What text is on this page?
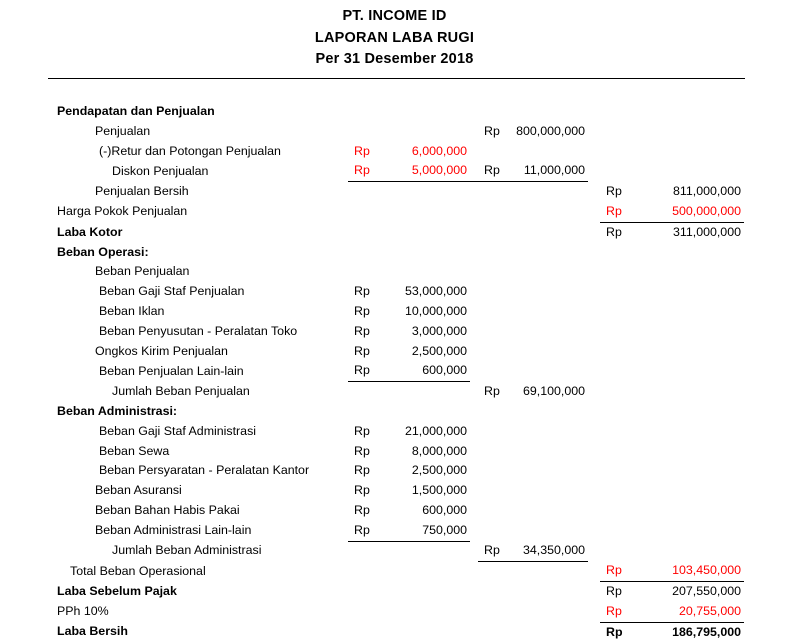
PT. INCOME ID
LAPORAN LABA RUGI
Per 31 Desember 2018

Pendapatan dan Penjualan									
Penjualan				Rp	800,000,000				
(-)Retur dan Potongan Penjualan	Rp	6,000,000							
Diskon Penjualan	Rp	5,000,000		Rp	11,000,000				
Penjualan Bersih							Rp	811,000,000	
Harga Pokok Penjualan							Rp	500,000,000	
Laba Kotor							Rp	311,000,000	
Beban Operasi:									
Beban Penjualan									
Beban Gaji Staf Penjualan	Rp	53,000,000							
Beban Iklan	Rp	10,000,000							
Beban Penyusutan - Peralatan Toko	Rp	3,000,000							
Ongkos Kirim Penjualan	Rp	2,500,000							
Beban Penjualan Lain-lain	Rp	600,000							
Jumlah Beban Penjualan				Rp	69,100,000				
Beban Administrasi:									
Beban Gaji Staf Administrasi	Rp	21,000,000							
Beban Sewa	Rp	8,000,000							
Beban Persyaratan - Peralatan Kantor	Rp	2,500,000							
Beban Asuransi	Rp	1,500,000							
Beban Bahan Habis Pakai	Rp	600,000							
Beban Administrasi Lain-lain	Rp	750,000							
Jumlah Beban Administrasi				Rp	34,350,000				
Total Beban Operasional							Rp	103,450,000	
Laba Sebelum Pajak							Rp	207,550,000	
PPh 10%							Rp	20,755,000	
Laba Bersih							Rp	186,795,000	
